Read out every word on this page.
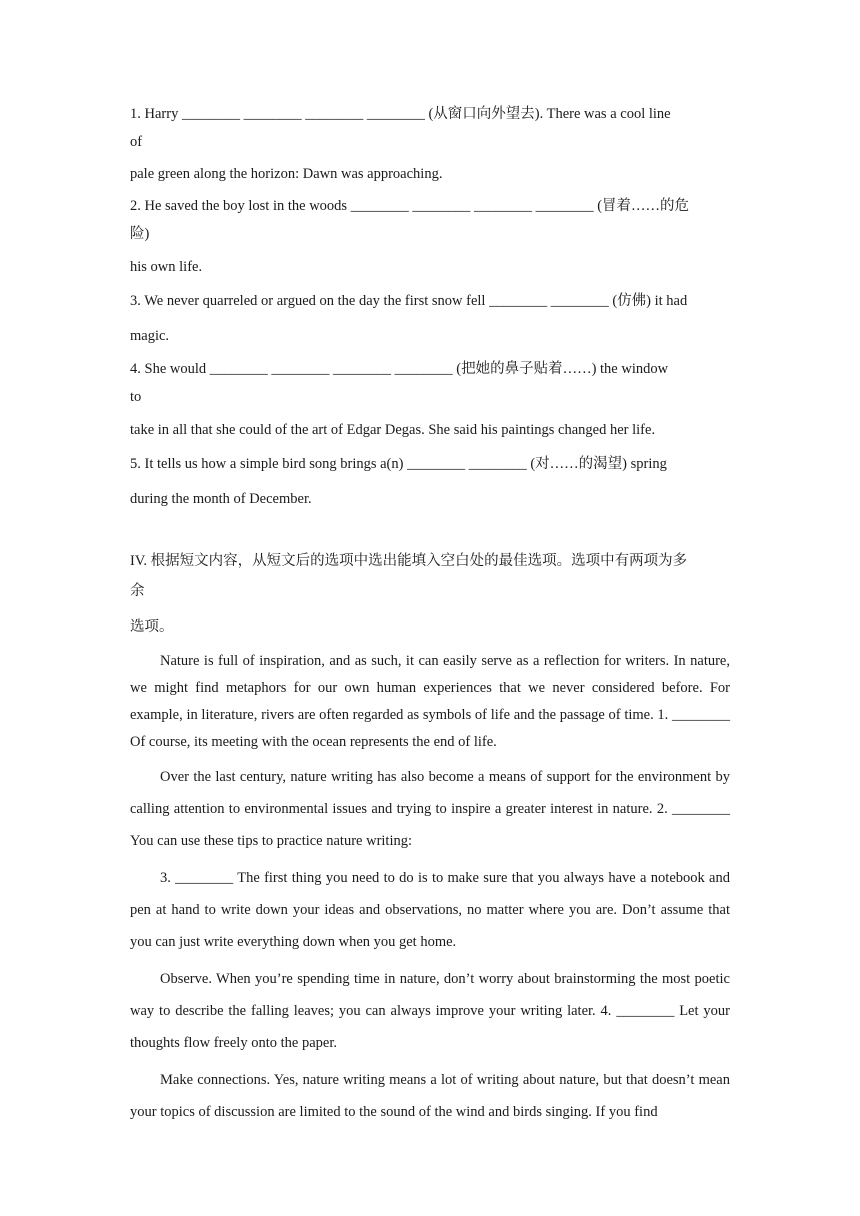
1. Harry ________ ________ ________ ________ (从窗口向外望去). There was a cool line

of

pale green along the horizon: Dawn was approaching.

2. He saved the boy lost in the woods ________ ________ ________ ________ (冒着……的危

险)

his own life.

3. We never quarreled or argued on the day the first snow fell ________ ________ (仿佛) it had

magic.

4. She would ________ ________ ________ ________ (把她的鼻子贴着……) the window

to

take in all that she could of the art of Edgar Degas. She said his paintings changed her life.

5. It tells us how a simple bird song brings a(n) ________ ________ (对……的渴望) spring

during the month of December.

IV. 根据短文内容，从短文后的选项中选出能填入空白处的最佳选项。选项中有两项为多

余

选项。

Nature is full of inspiration, and as such, it can easily serve as a reflection for writers. In nature, we might find metaphors for our own human experiences that we never considered before. For example, in literature, rivers are often regarded as symbols of life and the passage of time. 1. ________ Of course, its meeting with the ocean represents the end of life.

Over the last century, nature writing has also become a means of support for the environment by calling attention to environmental issues and trying to inspire a greater interest in nature. 2. ________ You can use these tips to practice nature writing:

3. ________ The first thing you need to do is to make sure that you always have a notebook and pen at hand to write down your ideas and observations, no matter where you are. Don’t assume that you can just write everything down when you get home.

Observe. When you’re spending time in nature, don’t worry about brainstorming the most poetic way to describe the falling leaves; you can always improve your writing later. 4. ________ Let your thoughts flow freely onto the paper.

Make connections. Yes, nature writing means a lot of writing about nature, but that doesn’t mean your topics of discussion are limited to the sound of the wind and birds singing. If you find
